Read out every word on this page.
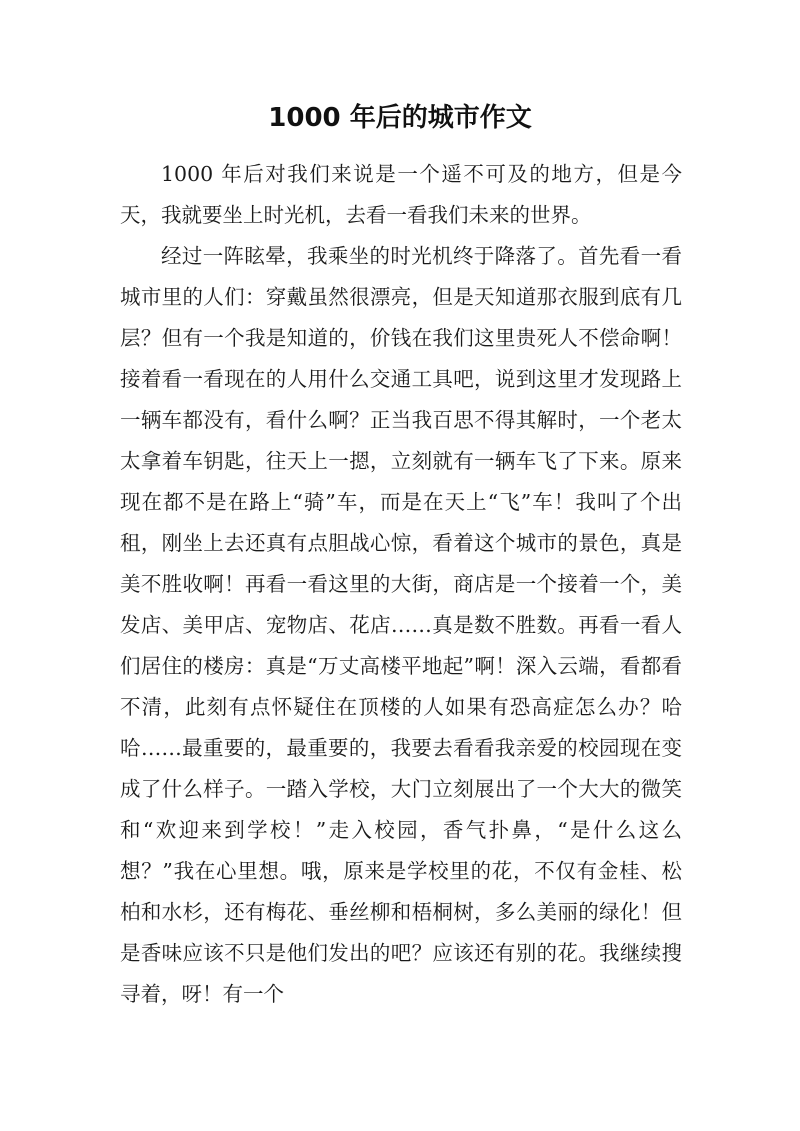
1000 年后的城市作文

1000 年后对我们来说是一个遥不可及的地方，但是今天，我就要坐上时光机，去看一看我们未来的世界。

经过一阵眩晕，我乘坐的时光机终于降落了。首先看一看城市里的人们：穿戴虽然很漂亮，但是天知道那衣服到底有几层？但有一个我是知道的，价钱在我们这里贵死人不偿命啊！接着看一看现在的人用什么交通工具吧，说到这里才发现路上一辆车都没有，看什么啊？正当我百思不得其解时，一个老太太拿着车钥匙，往天上一摁，立刻就有一辆车飞了下来。原来现在都不是在路上“骑”车，而是在天上“飞”车！我叫了个出租，刚坐上去还真有点胆战心惊，看着这个城市的景色，真是美不胜收啊！再看一看这里的大街，商店是一个接着一个，美发店、美甲店、宠物店、花店……真是数不胜数。再看一看人们居住的楼房：真是“万丈高楼平地起”啊！深入云端，看都看不清，此刻有点怀疑住在顶楼的人如果有恐高症怎么办？哈哈……最重要的，最重要的，我要去看看我亲爱的校园现在变成了什么样子。一踏入学校，大门立刻展出了一个大大的微笑和“欢迎来到学校！”走入校园，香气扑鼻，“是什么这么想？”我在心里想。哦，原来是学校里的花，不仅有金桂、松柏和水杉，还有梅花、垂丝柳和梧桐树，多么美丽的绿化！但是香味应该不只是他们发出的吧？应该还有别的花。我继续搜寻着，呀！有一个
